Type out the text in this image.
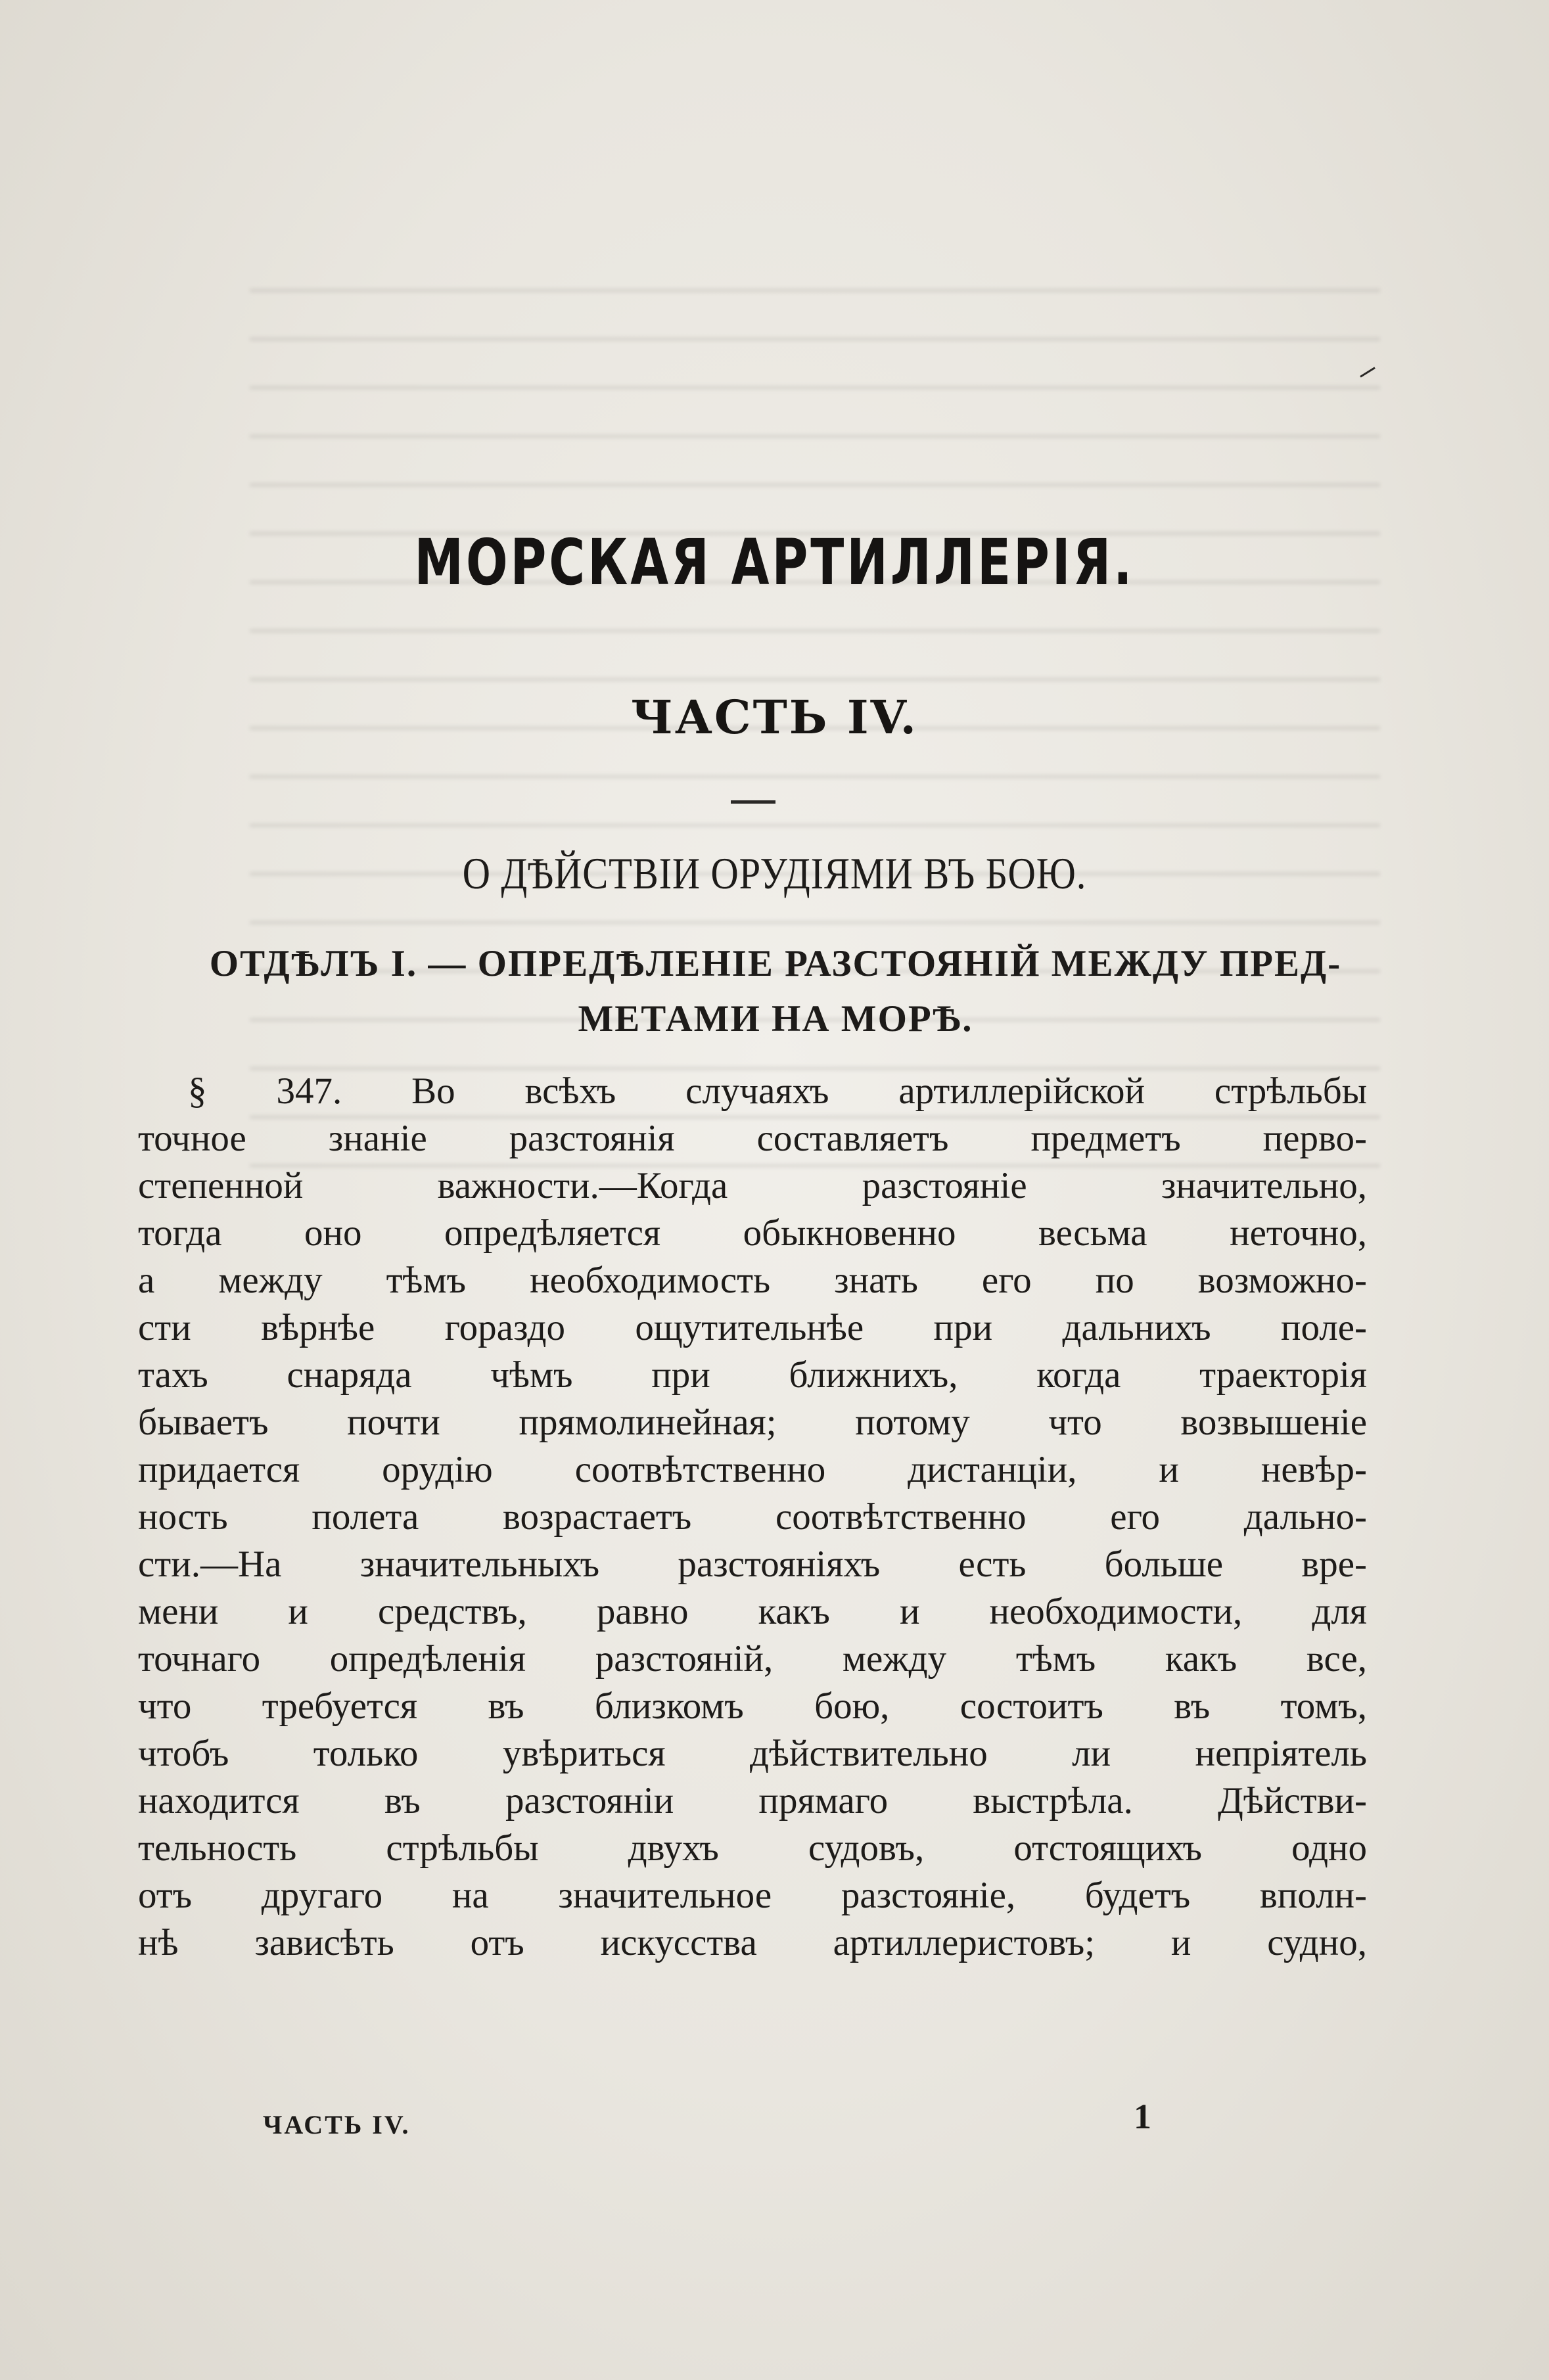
МОРСКАЯ АРТИЛЛЕРІЯ.
ЧАСТЬ IV.
О ДѢЙСТВІИ ОРУДІЯМИ ВЪ БОЮ.
ОТДѢЛЪ I. — ОПРЕДѢЛЕНІЕ РАЗСТОЯНІЙ МЕЖДУ ПРЕД-
МЕТАМИ НА МОРѢ.
§ 347. Во всѣхъ случаяхъ артиллерійской стрѣльбы
точное знаніе разстоянія составляетъ предметъ перво-
степенной важности.—Когда разстояніе значительно,
тогда оно опредѣляется обыкновенно весьма неточно,
а между тѣмъ необходимость знать его по возможно-
сти вѣрнѣе гораздо ощутительнѣе при дальнихъ поле-
тахъ снаряда чѣмъ при ближнихъ, когда траекторія
бываетъ почти прямолинейная; потому что возвышеніе
придается орудію соотвѣтственно дистанціи, и невѣр-
ность полета возрастаетъ соотвѣтственно его дально-
сти.—На значительныхъ разстояніяхъ есть больше вре-
мени и средствъ, равно какъ и необходимости, для
точнаго опредѣленія разстояній, между тѣмъ какъ все,
что требуется въ близкомъ бою, состоитъ въ томъ,
чтобъ только увѣриться дѣйствительно ли непріятель
находится въ разстояніи прямаго выстрѣла. Дѣйстви-
тельность стрѣльбы двухъ судовъ, отстоящихъ одно
отъ другаго на значительное разстояніе, будетъ вполн-
нѣ зависѣть отъ искусства артиллеристовъ; и судно,
ЧАСТЬ IV.	1
